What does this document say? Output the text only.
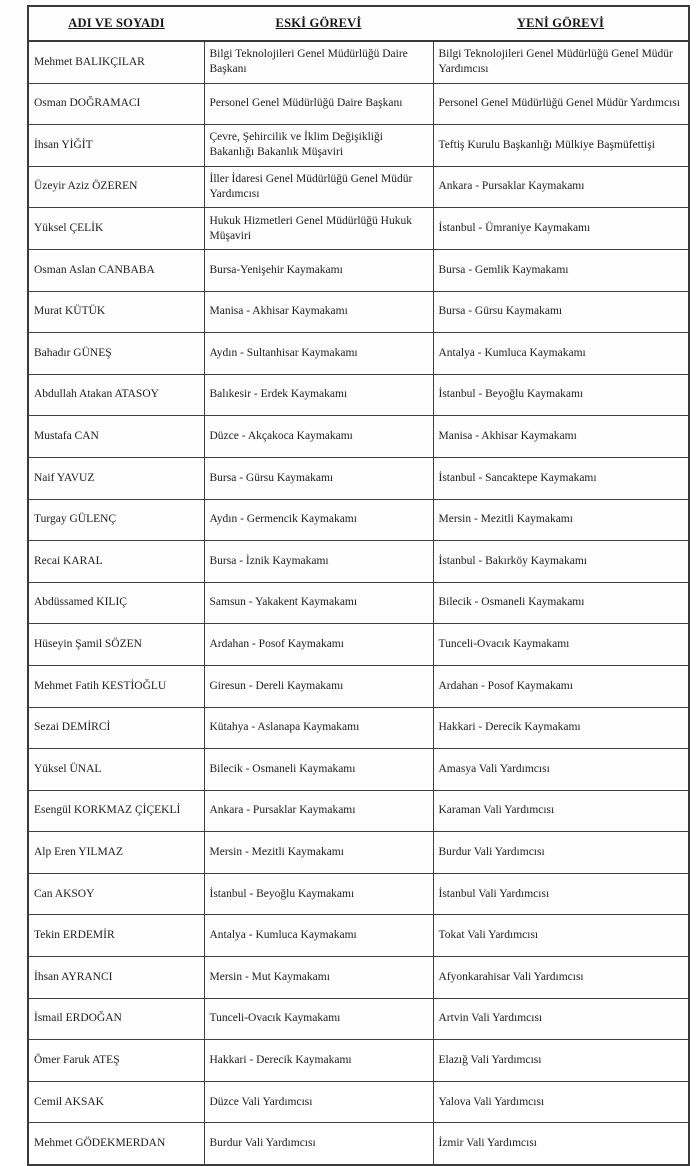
ADI VE SOYADI	ESKİ GÖREVİ	YENİ GÖREVİ
Mehmet BALIKÇILAR	Bilgi Teknolojileri Genel Müdürlüğü Daire Başkanı	Bilgi Teknolojileri Genel Müdürlüğü Genel Müdür Yardımcısı
Osman DOĞRAMACI	Personel Genel Müdürlüğü Daire Başkanı	Personel Genel Müdürlüğü Genel Müdür Yardımcısı
İhsan YİĞİT	Çevre, Şehircilik ve İklim Değişikliği Bakanlığı Bakanlık Müşaviri	Teftiş Kurulu Başkanlığı Mülkiye Başmüfettişi
Üzeyir Aziz ÖZEREN	İller İdaresi Genel Müdürlüğü Genel Müdür Yardımcısı	Ankara - Pursaklar Kaymakamı
Yüksel ÇELİK	Hukuk Hizmetleri Genel Müdürlüğü Hukuk Müşaviri	İstanbul - Ümraniye Kaymakamı
Osman Aslan CANBABA	Bursa-Yenişehir Kaymakamı	Bursa - Gemlik Kaymakamı
Murat KÜTÜK	Manisa - Akhisar Kaymakamı	Bursa - Gürsu Kaymakamı
Bahadır GÜNEŞ	Aydın - Sultanhisar Kaymakamı	Antalya - Kumluca Kaymakamı
Abdullah Atakan ATASOY	Balıkesir - Erdek Kaymakamı	İstanbul - Beyoğlu Kaymakamı
Mustafa CAN	Düzce - Akçakoca Kaymakamı	Manisa - Akhisar Kaymakamı
Naif YAVUZ	Bursa - Gürsu Kaymakamı	İstanbul - Sancaktepe Kaymakamı
Turgay GÜLENÇ	Aydın - Germencik Kaymakamı	Mersin - Mezitli Kaymakamı
Recai KARAL	Bursa - İznik Kaymakamı	İstanbul - Bakırköy Kaymakamı
Abdüssamed KILIÇ	Samsun - Yakakent Kaymakamı	Bilecik - Osmaneli Kaymakamı
Hüseyin Şamil SÖZEN	Ardahan - Posof Kaymakamı	Tunceli-Ovacık Kaymakamı
Mehmet Fatih KESTİOĞLU	Giresun - Dereli Kaymakamı	Ardahan - Posof Kaymakamı
Sezai DEMİRCİ	Kütahya - Aslanapa Kaymakamı	Hakkari - Derecik Kaymakamı
Yüksel ÜNAL	Bilecik - Osmaneli Kaymakamı	Amasya Vali Yardımcısı
Esengül KORKMAZ ÇİÇEKLİ	Ankara - Pursaklar Kaymakamı	Karaman Vali Yardımcısı
Alp Eren YILMAZ	Mersin - Mezitli Kaymakamı	Burdur Vali Yardımcısı
Can AKSOY	İstanbul - Beyoğlu Kaymakamı	İstanbul Vali Yardımcısı
Tekin ERDEMİR	Antalya - Kumluca Kaymakamı	Tokat Vali Yardımcısı
İhsan AYRANCI	Mersin - Mut Kaymakamı	Afyonkarahisar Vali Yardımcısı
İsmail ERDOĞAN	Tunceli-Ovacık Kaymakamı	Artvin Vali Yardımcısı
Ömer Faruk ATEŞ	Hakkari - Derecik Kaymakamı	Elazığ Vali Yardımcısı
Cemil AKSAK	Düzce Vali Yardımcısı	Yalova Vali Yardımcısı
Mehmet GÖDEKMERDAN	Burdur Vali Yardımcısı	İzmir Vali Yardımcısı
